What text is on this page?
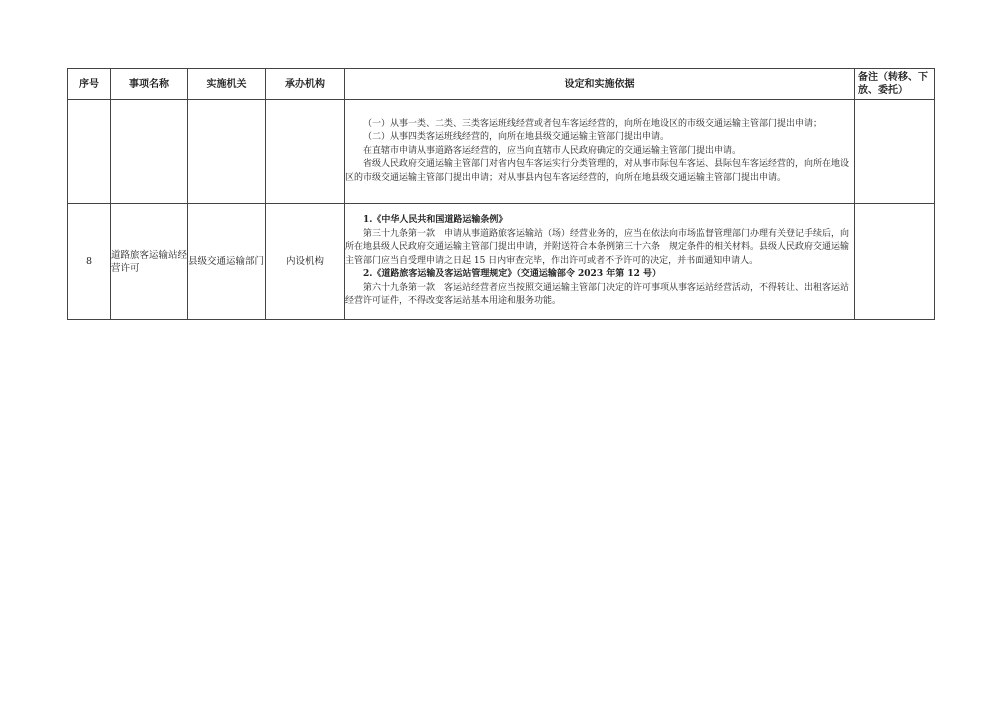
序号	事项名称	实施机关	承办机构	设定和实施依据	备注（转移、下放、委托）

				（一）从事一类、二类、三类客运班线经营或者包车客运经营的，向所在地设区的市级交通运输主管部门提出申请；

（二）从事四类客运班线经营的，向所在地县级交通运输主管部门提出申请。

在直辖市申请从事道路客运经营的，应当向直辖市人民政府确定的交通运输主管部门提出申请。

省级人民政府交通运输主管部门对省内包车客运实行分类管理的，对从事市际包车客运、县际包车客运经营的，向所在地设区的市级交通运输主管部门提出申请；对从事县内包车客运经营的，向所在地县级交通运输主管部门提出申请。	

8	道路旅客运输站经营许可	县级交通运输部门	内设机构	1.《中华人民共和国道路运输条例》

第三十九条第一款　申请从事道路旅客运输站（场）经营业务的，应当在依法向市场监督管理部门办理有关登记手续后，向所在地县级人民政府交通运输主管部门提出申请，并附送符合本条例第三十六条　规定条件的相关材料。县级人民政府交通运输主管部门应当自受理申请之日起 15 日内审查完毕，作出许可或者不予许可的决定，并书面通知申请人。

2.《道路旅客运输及客运站管理规定》（交通运输部令 2023 年第 12 号）

第六十九条第一款　客运站经营者应当按照交通运输主管部门决定的许可事项从事客运站经营活动，不得转让、出租客运站经营许可证件，不得改变客运站基本用途和服务功能。	
